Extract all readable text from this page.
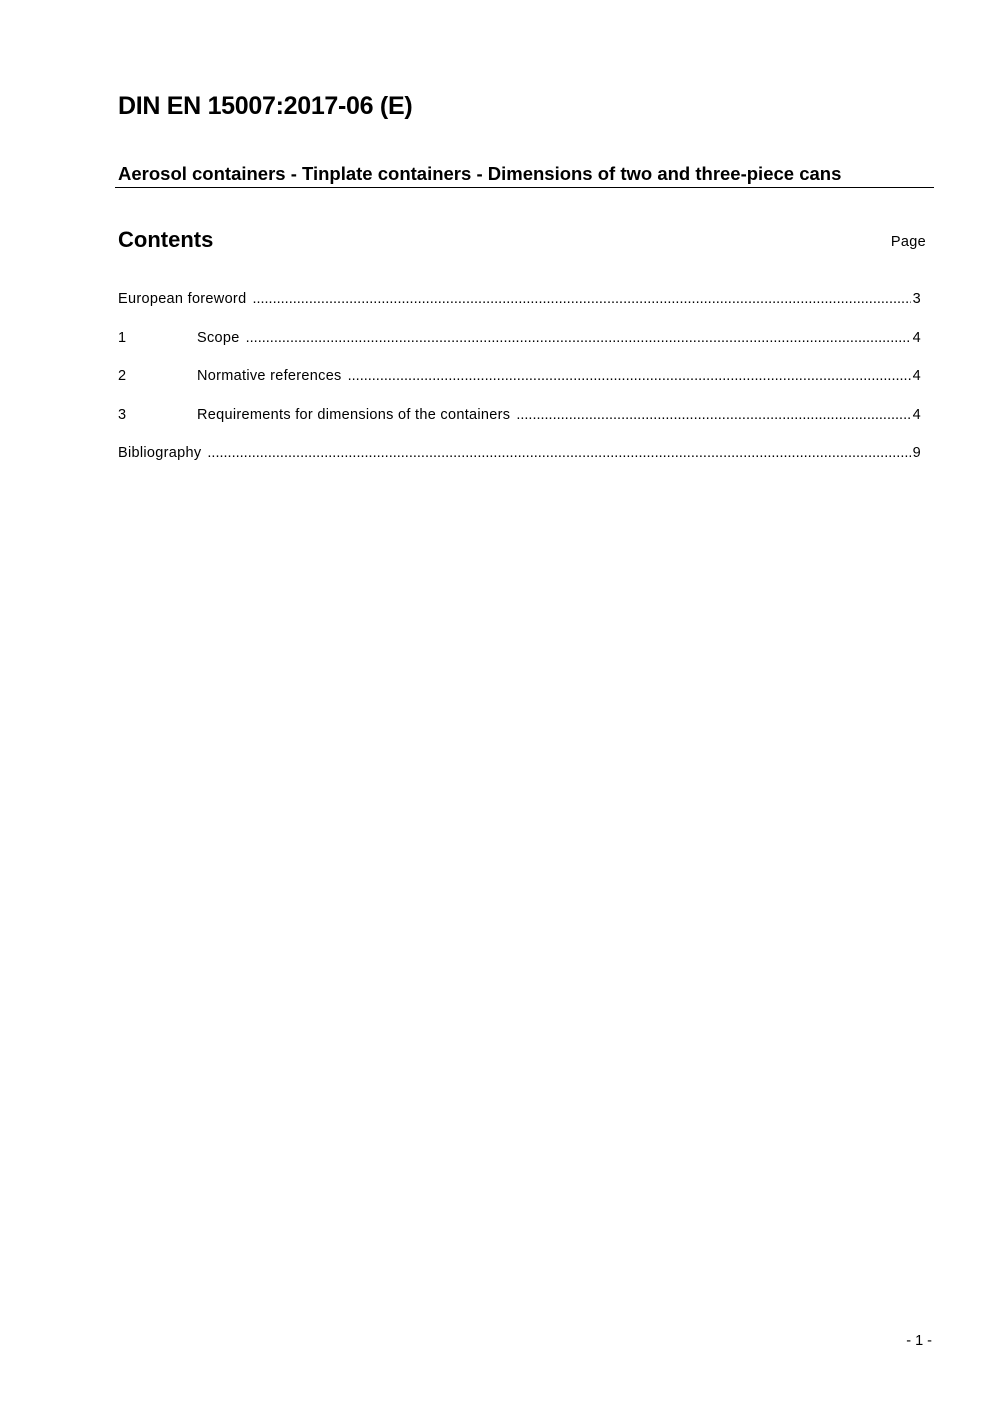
DIN EN 15007:2017-06 (E)
Aerosol containers - Tinplate containers - Dimensions of two and three-piece cans
Contents	Page
European foreword .....	3
1	Scope .....	4
2	Normative references .....	4
3	Requirements for dimensions of the containers .....	4
Bibliography .....	9
- 1 -
